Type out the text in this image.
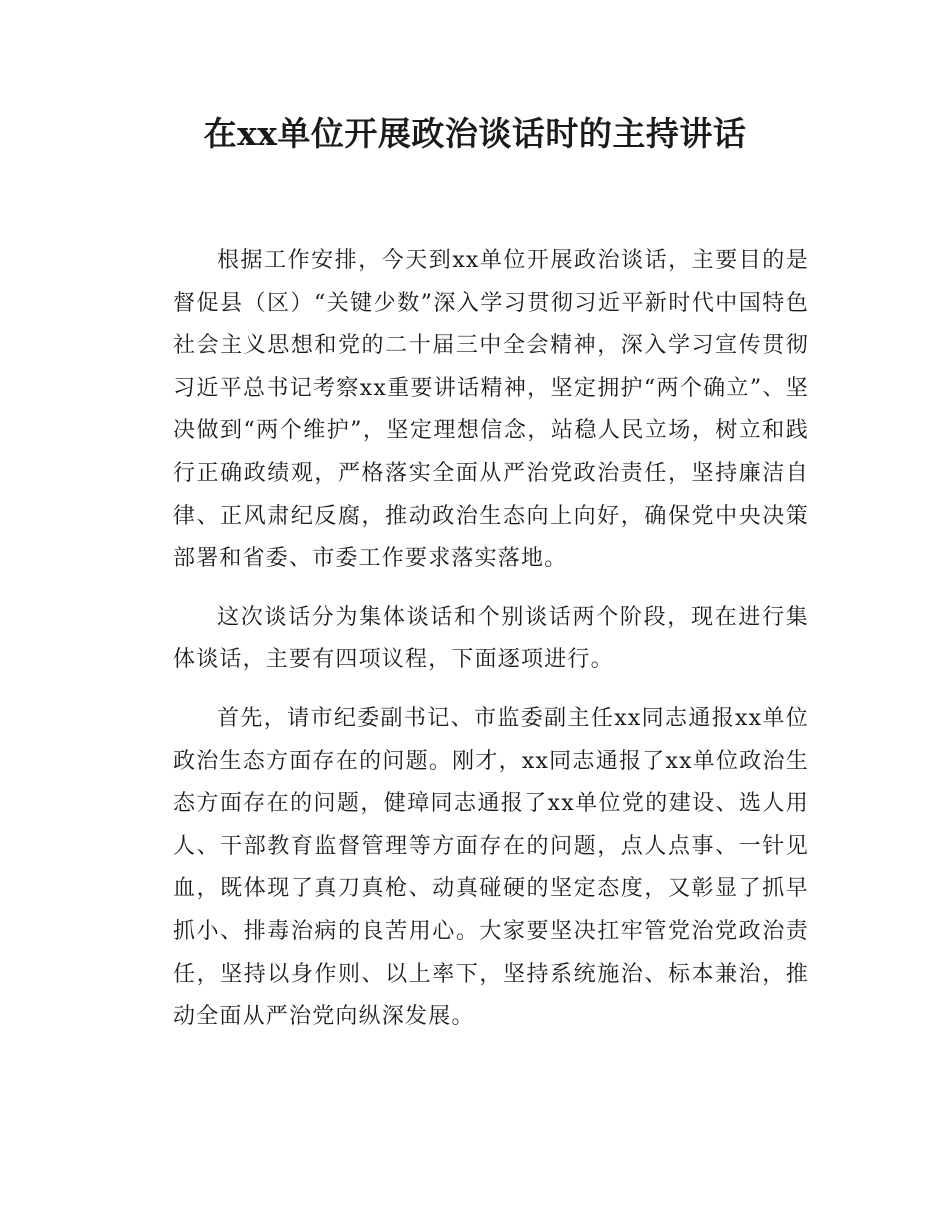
在xx单位开展政治谈话时的主持讲话

根据工作安排，今天到xx单位开展政治谈话，主要目的是督促县（区）“关键少数”深入学习贯彻习近平新时代中国特色社会主义思想和党的二十届三中全会精神，深入学习宣传贯彻习近平总书记考察xx重要讲话精神，坚定拥护“两个确立”、坚决做到“两个维护”，坚定理想信念，站稳人民立场，树立和践行正确政绩观，严格落实全面从严治党政治责任，坚持廉洁自律、正风肃纪反腐，推动政治生态向上向好，确保党中央决策部署和省委、市委工作要求落实落地。

这次谈话分为集体谈话和个别谈话两个阶段，现在进行集体谈话，主要有四项议程，下面逐项进行。

首先，请市纪委副书记、市监委副主任xx同志通报xx单位政治生态方面存在的问题。刚才，xx同志通报了xx单位政治生态方面存在的问题，健璋同志通报了xx单位党的建设、选人用人、干部教育监督管理等方面存在的问题，点人点事、一针见血，既体现了真刀真枪、动真碰硬的坚定态度，又彰显了抓早抓小、排毒治病的良苦用心。大家要坚决扛牢管党治党政治责任，坚持以身作则、以上率下，坚持系统施治、标本兼治，推动全面从严治党向纵深发展。
